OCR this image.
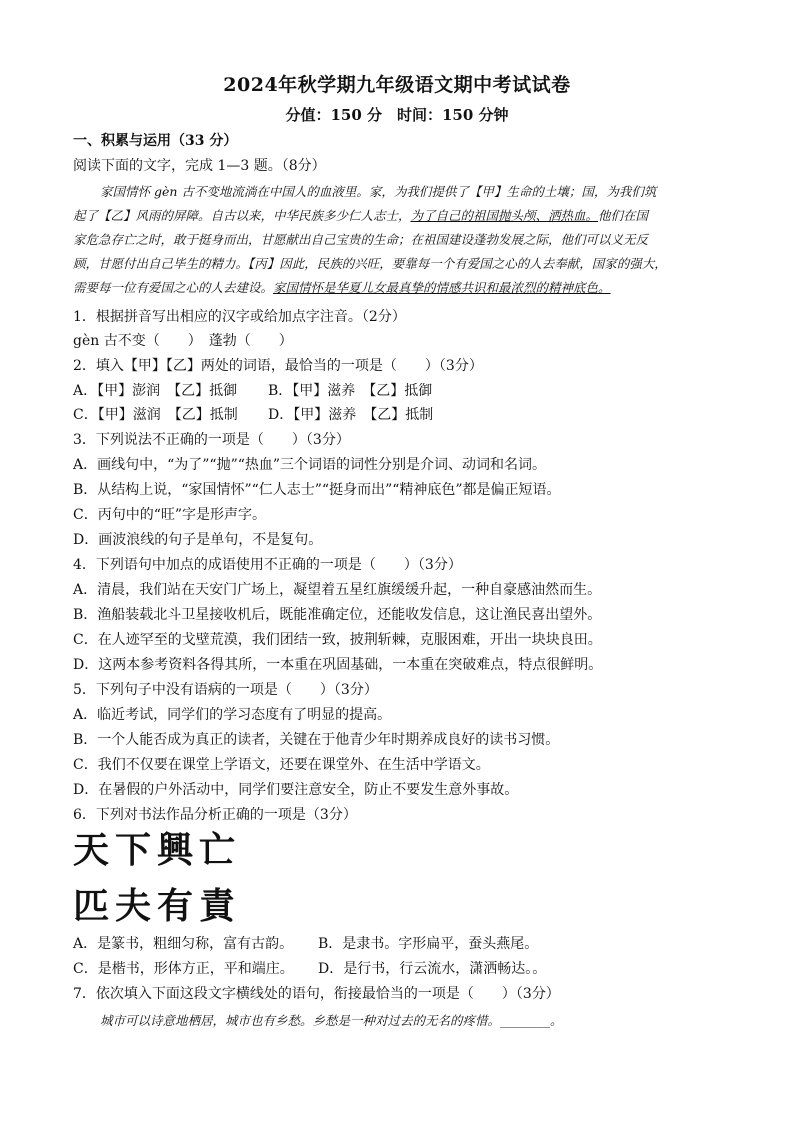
2024年秋学期九年级语文期中考试试卷
分值：150 分　时间：150 分钟
一、积累与运用（33 分）
阅读下面的文字，完成 1—3 题。（8分）
家国情怀 gèn 古不变地流淌在中国人的血液里。家，为我们提供了【甲】生命的土壤；国，为我们筑
起了【乙】风雨的屏障。自古以来，中华民族多少仁人志士，为了自己的祖国抛头颅、洒热血。他们在国
家危急存亡之时，敢于挺身而出，甘愿献出自己宝贵的生命；在祖国建设蓬勃发展之际，他们可以义无反
顾，甘愿付出自己毕生的精力。【丙】因此，民族的兴旺，要靠每一个有爱国之心的人去奉献，国家的强大，
需要每一位有爱国之心的人去建设。家国情怀是华夏儿女最真挚的情感共识和最浓烈的精神底色。
1．根据拼音写出相应的汉字或给加点字注音。（2分）
gèn 古不变（　　）　蓬勃（　　）
2．填入【甲】【乙】两处的词语，最恰当的一项是（　　）（3分）
A．【甲】澎润　【乙】抵御 B．【甲】滋养　【乙】抵御
C．【甲】滋润　【乙】抵制 D．【甲】滋养　【乙】抵制
3．下列说法不正确的一项是（　　）（3分）
A．画线句中，“为了”“抛”“热血”三个词语的词性分别是介词、动词和名词。
B．从结构上说，“家国情怀”“仁人志士”“挺身而出”“精神底色”都是偏正短语。
C．丙句中的“旺”字是形声字。
D．画波浪线的句子是单句，不是复句。
4．下列语句中加点的成语使用不正确的一项是（　　）（3分）
A．清晨，我们站在天安门广场上，凝望着五星红旗缓缓升起，一种自豪感油然而生。
B．渔船装载北斗卫星接收机后，既能准确定位，还能收发信息，这让渔民喜出望外。
C．在人迹罕至的戈壁荒漠，我们团结一致，披荆斩棘，克服困难，开出一块块良田。
D．这两本参考资料各得其所，一本重在巩固基础，一本重在突破难点，特点很鲜明。
5．下列句子中没有语病的一项是（　　）（3分）
A．临近考试，同学们的学习态度有了明显的提高。
B．一个人能否成为真正的读者，关键在于他青少年时期养成良好的读书习惯。
C．我们不仅要在课堂上学语文，还要在课堂外、在生活中学语文。
D．在暑假的户外活动中，同学们要注意安全，防止不要发生意外事故。
6．下列对书法作品分析正确的一项是（3分）
天下興亡
匹夫有責
A．是篆书，粗细匀称，富有古韵。 B．是隶书。字形扁平，蚕头燕尾。
C．是楷书，形体方正，平和端庄。 D．是行书，行云流水，潇洒畅达。。
7．依次填入下面这段文字横线处的语句，衔接最恰当的一项是（　　）（3分）
城市可以诗意地栖居，城市也有乡愁。乡愁是一种对过去的无名的疼惜。________。
